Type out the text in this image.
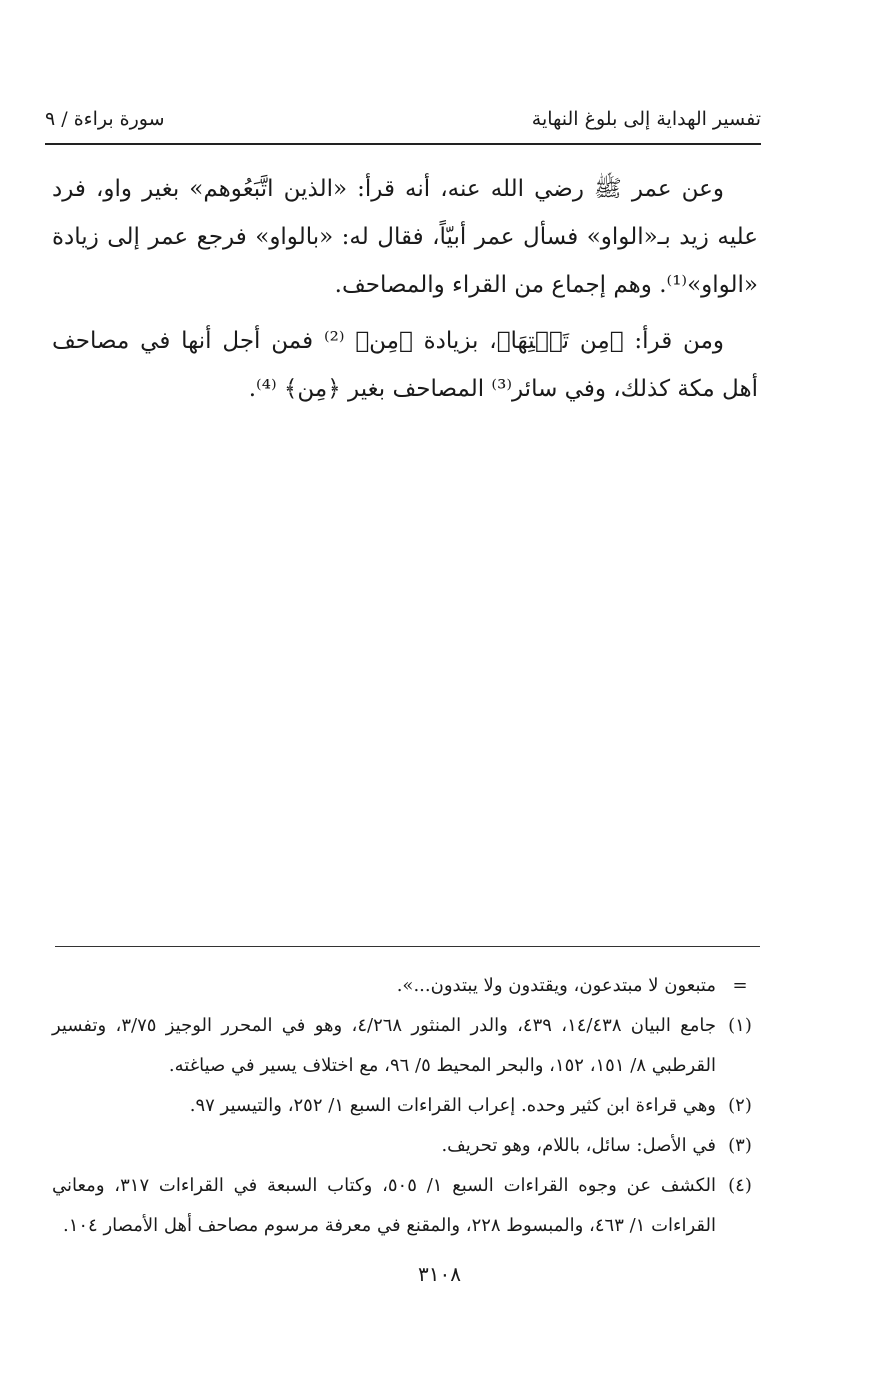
تفسير الهداية إلى بلوغ النهاية
سورة براءة / ٩

وعن عمر ﷺ رضي الله عنه، أنه قرأ: «الذين اتَّبَعُوهم» بغير واو، فرد عليه زيد بـ«الواو» فسأل عمر أبيّاً، فقال له: «بالواو» فرجع عمر إلى زيادة «الواو»⁽¹⁾. وهم إجماع من القراء والمصاحف.

ومن قرأ: ﴿مِن تَحۡتِهَا﴾، بزيادة ﴿مِن﴾ ⁽²⁾ فمن أجل أنها في مصاحف أهل مكة كذلك، وفي سائر⁽³⁾ المصاحف بغير ﴿مِن﴾ ⁽⁴⁾.

=
متبعون لا مبتدعون، ويقتدون ولا يبتدون...».
(١)
جامع البيان ١٤/٤٣٨، ٤٣٩، والدر المنثور ٤/٢٦٨، وهو في المحرر الوجيز ٣/٧٥، وتفسير القرطبي ٨/ ١٥١، ١٥٢، والبحر المحيط ٥/ ٩٦، مع اختلاف يسير في صياغته.
(٢)
وهي قراءة ابن كثير وحده. إعراب القراءات السبع ١/ ٢٥٢، والتيسير ٩٧.
(٣)
في الأصل: سائل، باللام، وهو تحريف.
(٤)
الكشف عن وجوه القراءات السبع ١/ ٥٠٥، وكتاب السبعة في القراءات ٣١٧، ومعاني القراءات ١/ ٤٦٣، والمبسوط ٢٢٨، والمقنع في معرفة مرسوم مصاحف أهل الأمصار ١٠٤.
٣١٠٨
